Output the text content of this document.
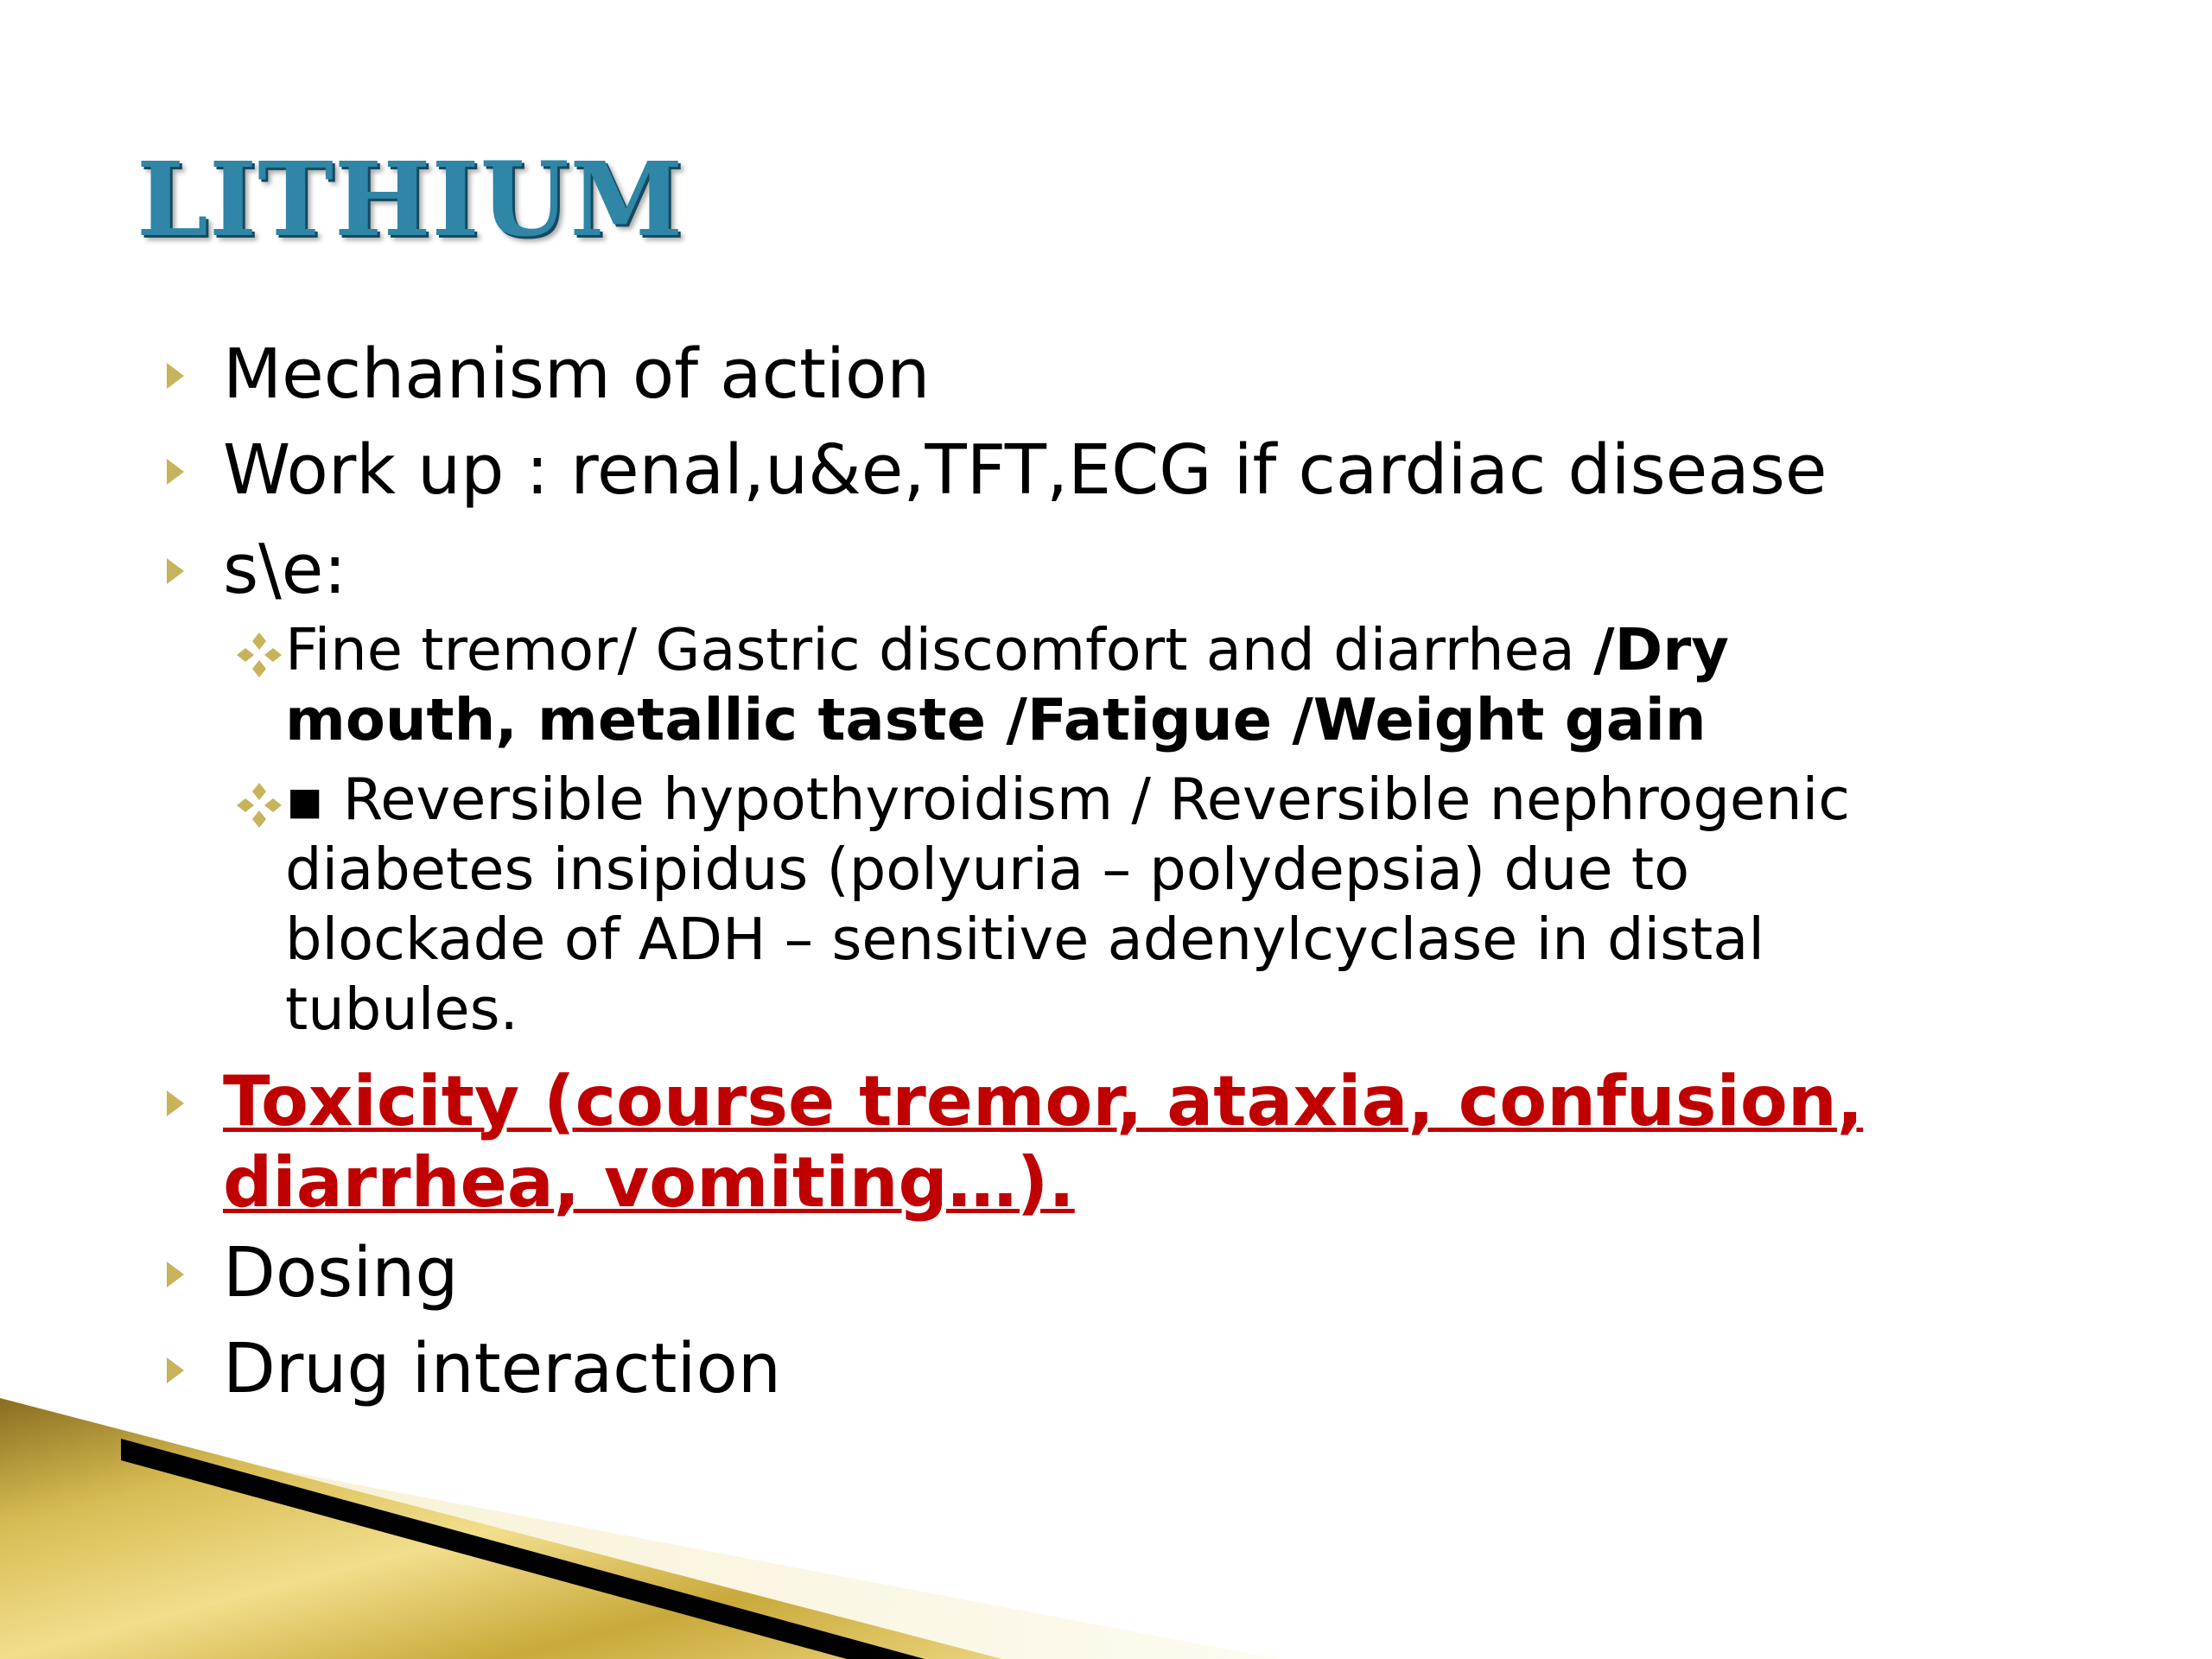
LITHIUM

Mechanism of action

Work up : renal,u&e,TFT,ECG if cardiac disease

s\e:

Fine tremor/ Gastric discomfort and diarrhea /Dry

mouth, metallic taste /Fatigue /Weight gain

▪ Reversible hypothyroidism / Reversible nephrogenic

diabetes insipidus (polyuria – polydepsia) due to

blockade of ADH – sensitive adenylcyclase in distal

tubules.

Toxicity (course tremor, ataxia, confusion,

diarrhea, vomiting…).

Dosing

Drug interaction
